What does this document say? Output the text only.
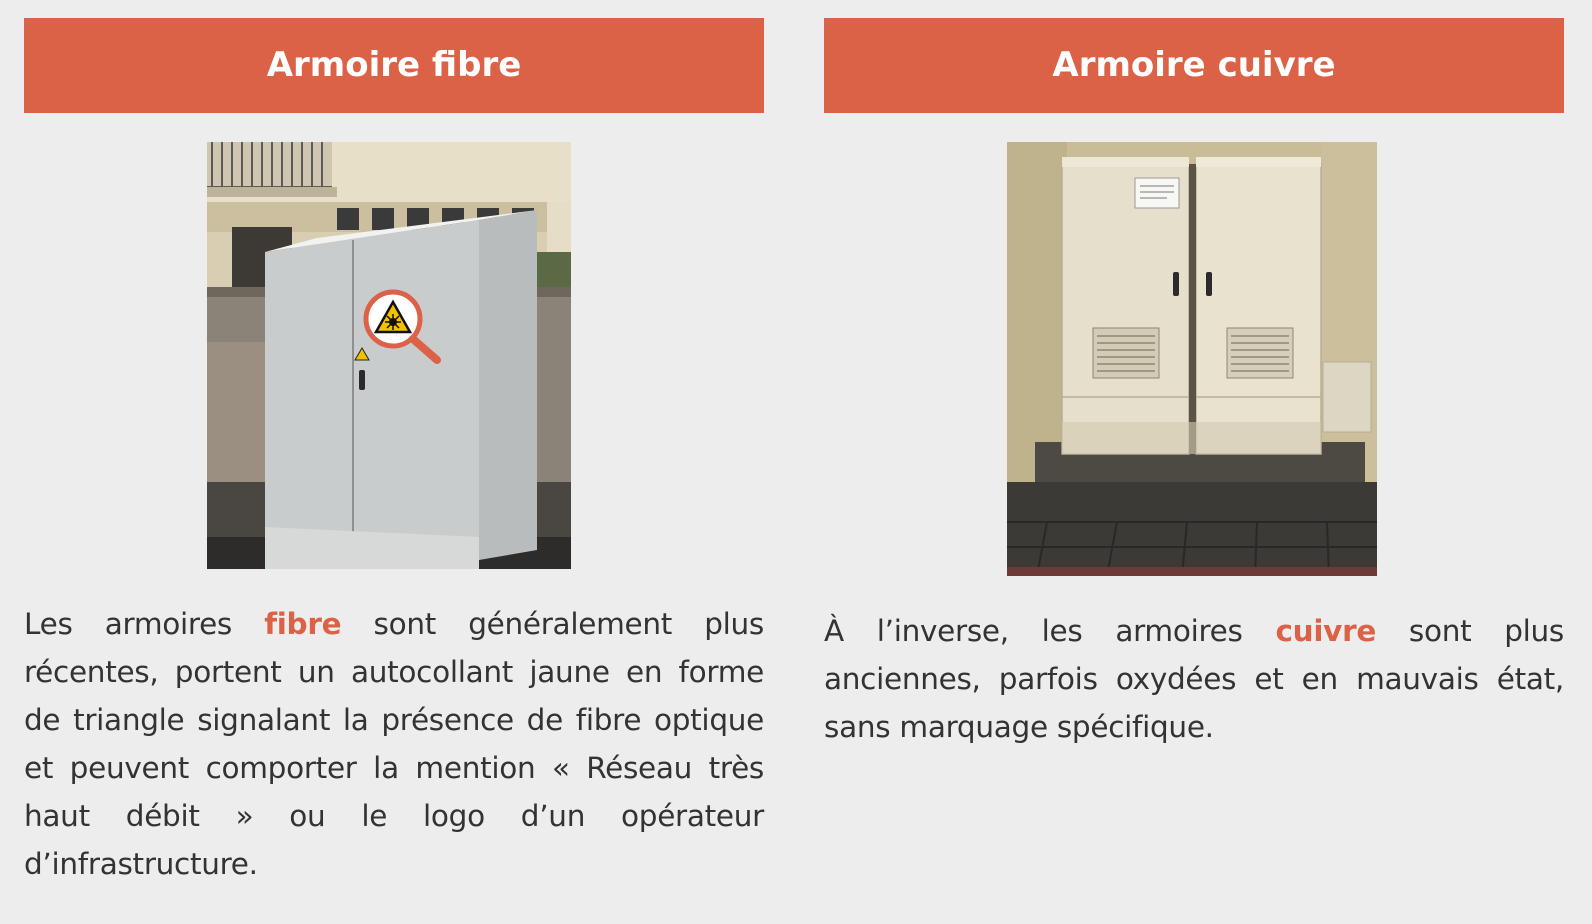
Armoire fibre

Les armoires fibre sont généralement plus récentes, portent un autocollant jaune en forme de triangle signalant la présence de fibre optique et peuvent comporter la mention « Réseau très haut débit » ou le logo d’un opérateur d’infrastructure.

Armoire cuivre

À l’inverse, les armoires cuivre sont plus anciennes, parfois oxydées et en mauvais état, sans marquage spécifique.
